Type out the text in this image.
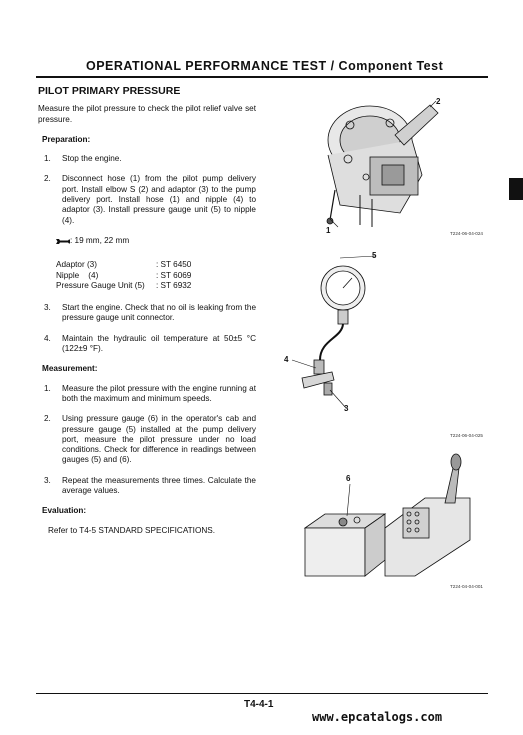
OPERATIONAL PERFORMANCE TEST / Component Test
PILOT PRIMARY PRESSURE
Measure the pilot pressure to check the pilot relief valve set pressure.
Preparation:
1.	Stop the engine.
2.	Disconnect hose (1) from the pilot pump delivery port. Install elbow S (2) and adaptor (3) to the pump delivery port. Install hose (1) and nipple (4) to adaptor (3). Install pressure gauge unit (5) to nipple (4).
: 19 mm, 22 mm
Adaptor (3)	: ST 6450
Nipple    (4)	: ST 6069
Pressure Gauge Unit (5)	: ST 6932
3.	Start the engine. Check that no oil is leaking from the pressure gauge unit connector.
4.	Maintain the hydraulic oil temperature at 50±5 °C (122±9 °F).
Measurement:
1.	Measure the pilot pressure with the engine running at both the maximum and minimum speeds.
2.	Using pressure gauge (6) in the operator's cab and pressure gauge (5) installed at the pump delivery port, measure the pilot pressure under no load conditions. Check for difference in readings between gauges (5) and (6).
3.	Repeat the measurements three times. Calculate the average values.
Evaluation:
Refer to T4-5 STANDARD SPECIFICATIONS.
2
1	T224-06-04-024
5
4
3
T224-06-04-025
6
T224-04-04-001
T4-4-1
www.epcatalogs.com
